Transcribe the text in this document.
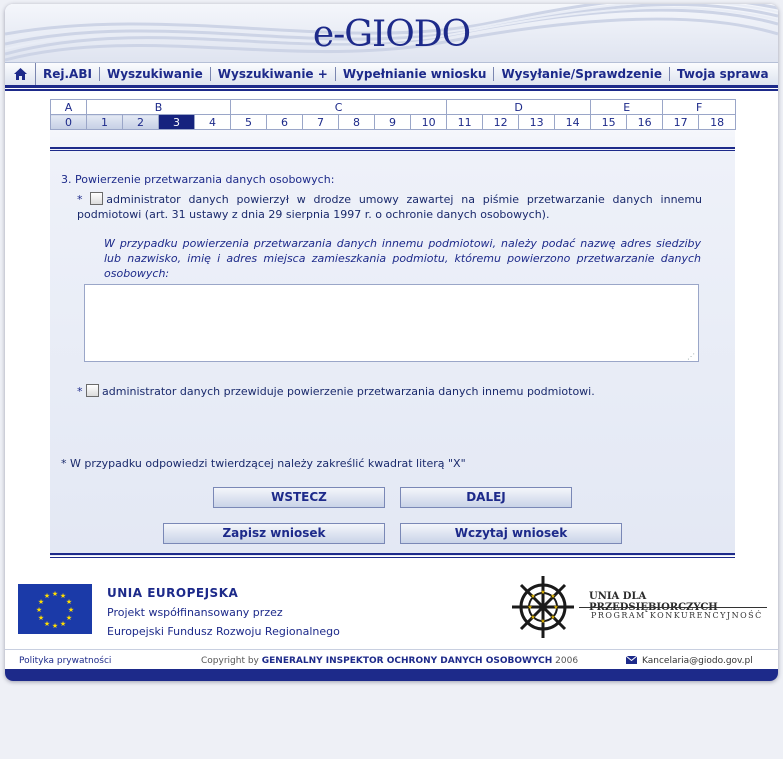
e-GIODO
Rej.ABI	Wyszukiwanie	Wyszukiwanie +	Wypełnianie wniosku	Wysyłanie/Sprawdzenie	Twoja sprawa
A	B				C						D				E		F	
0	1	2	3	4	5	6	7	8	9	10	11	12	13	14	15	16	17	18
3. Powierzenie przetwarzania danych osobowych:
* administrator danych powierzył w drodze umowy zawartej na piśmie przetwarzanie danych innemu podmiotowi (art. 31 ustawy z dnia 29 sierpnia 1997 r. o ochronie danych osobowych).
W przypadku powierzenia przetwarzania danych innemu podmiotowi, należy podać nazwę adres siedziby lub nazwisko, imię i adres miejsca zamieszkania podmiotu, któremu powierzono przetwarzanie danych osobowych:
⋰
* administrator danych przewiduje powierzenie przetwarzania danych innemu podmiotowi.
* W przypadku odpowiedzi twierdzącej należy zakreślić kwadrat literą "X"
WSTECZ	DALEJ
Zapisz wniosek	Wczytaj wniosek
★ ★
★
★
★
★
★
★
★
★
★
★	UNIA EUROPEJSKA
Projekt współfinansowany przez
Europejski Fundusz Rozwoju Regionalnego
★
★
★
★
★
★
★
★	UNIA DLA
PROGRAM KONKURENCYJNOŚĆ
Polityka prywatności	Copyright by GENERALNY INSPEKTOR OCHRONY DANYCH OSOBOWYCH 2006	Kancelaria@giodo.gov.pl
